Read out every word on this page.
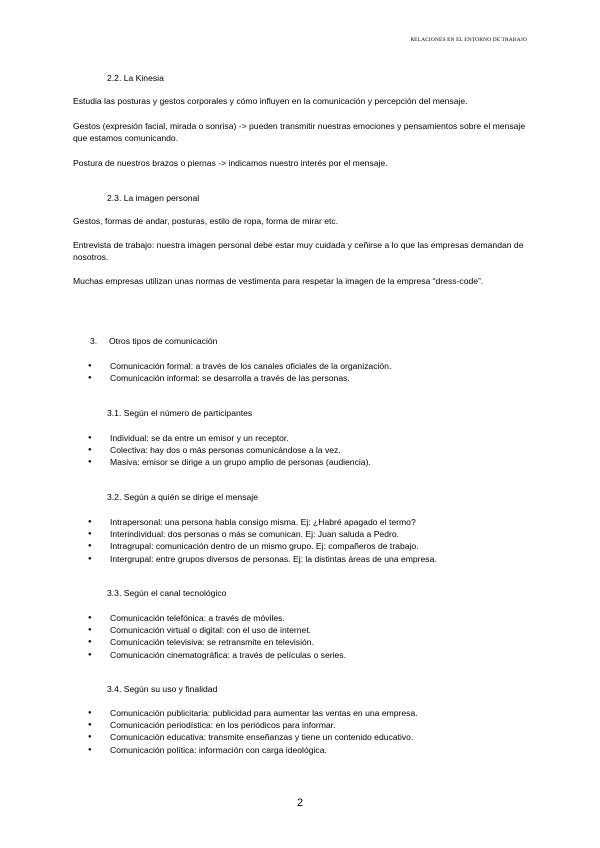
RELACIONES EN EL ENTORNO DE TRABAJO
2.2. La Kinesia

Estudia las posturas y gestos corporales y cómo influyen en la comunicación y percepción del mensaje.

Gestos (expresión facial, mirada o sonrisa) -> pueden transmitir nuestras emociones y pensamientos sobre el mensaje que estamos comunicando.

Postura de nuestros brazos o piernas -> indicamos nuestro interés por el mensaje.

2.3. La imagen personal

Gestos, formas de andar, posturas, estilo de ropa, forma de mirar etc.

Entrevista de trabajo: nuestra imagen personal debe estar muy cuidada y ceñirse a lo que las empresas demandan de nosotros.

Muchas empresas utilizan unas normas de vestimenta para respetar la imagen de la empresa “dress-code”.

3. Otros tipos de comunicación
● Comunicación formal: a través de los canales oficiales de la organización.
● Comunicación informal: se desarrolla a través de las personas.
3.1. Según el número de participantes
● Individual: se da entre un emisor y un receptor.
● Colectiva: hay dos o más personas comunicándose a la vez.
● Masiva: emisor se dirige a un grupo amplio de personas (audiencia).
3.2. Según a quién se dirige el mensaje
● Intrapersonal: una persona habla consigo misma. Ej: ¿Habré apagado el termo?
● Interindividual: dos personas o más se comunican. Ej: Juan saluda a Pedro.
● Intragrupal: comunicación dentro de un mismo grupo. Ej: compañeros de trabajo.
● Intergrupal: entre grupos diversos de personas. Ej: la distintas áreas de una empresa.
3.3. Según el canal tecnológico
● Comunicación telefónica: a través de móviles.
● Comunicación virtual o digital: con el uso de internet.
● Comunicación televisiva: se retransmite en televisión.
● Comunicación cinematográfica: a través de películas o series.
3.4. Según su uso y finalidad
● Comunicación publicitaria: publicidad para aumentar las ventas en una empresa.
● Comunicación periodística: en los periódicos para informar.
● Comunicación educativa: transmite enseñanzas y tiene un contenido educativo.
● Comunicación política: información con carga ideológica.
2
